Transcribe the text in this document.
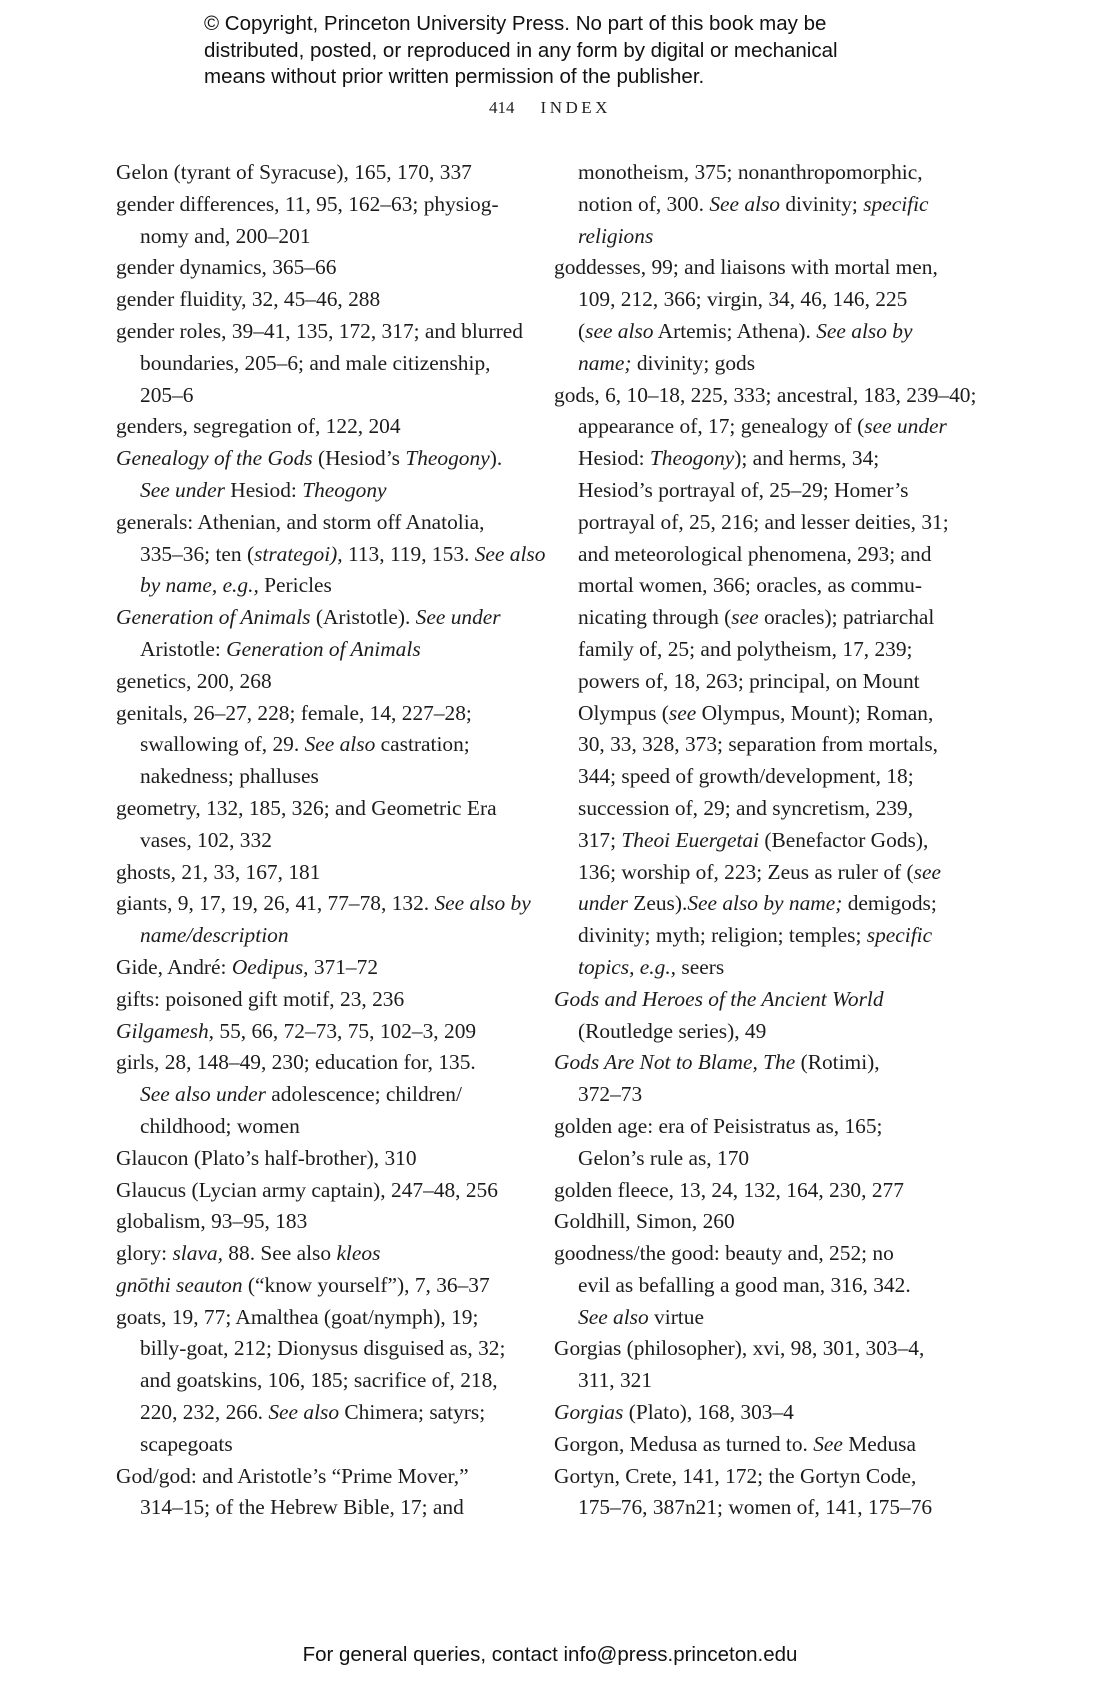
© Copyright, Princeton University Press. No part of this book may be
distributed, posted, or reproduced in any form by digital or mechanical
means without prior written permission of the publisher.
414 INDEX
Gelon (tyrant of Syracuse), 165, 170, 337
gender differences, 11, 95, 162–63; physiog-
nomy and, 200–201
gender dynamics, 365–66
gender fluidity, 32, 45–46, 288
gender roles, 39–41, 135, 172, 317; and blurred
boundaries, 205–6; and male citizenship,
205–6
genders, segregation of, 122, 204
Genealogy of the Gods (Hesiod’s Theogony).
See under Hesiod: Theogony
generals: Athenian, and storm off Anatolia,
335–36; ten (strategoi), 113, 119, 153. See also
by name, e.g., Pericles
Generation of Animals (Aristotle). See under
Aristotle: Generation of Animals
genetics, 200, 268
genitals, 26–27, 228; female, 14, 227–28;
swallowing of, 29. See also castration;
nakedness; phalluses
geometry, 132, 185, 326; and Geometric Era
vases, 102, 332
ghosts, 21, 33, 167, 181
giants, 9, 17, 19, 26, 41, 77–78, 132. See also by
name/description
Gide, André: Oedipus, 371–72
gifts: poisoned gift motif, 23, 236
Gilgamesh, 55, 66, 72–73, 75, 102–3, 209
girls, 28, 148–49, 230; education for, 135.
See also under adolescence; children/
childhood; women
Glaucon (Plato’s half-brother), 310
Glaucus (Lycian army captain), 247–48, 256
globalism, 93–95, 183
glory: slava, 88. See also kleos
gnōthi seauton (“know yourself”), 7, 36–37
goats, 19, 77; Amalthea (goat/nymph), 19;
billy-goat, 212; Dionysus disguised as, 32;
and goatskins, 106, 185; sacrifice of, 218,
220, 232, 266. See also Chimera; satyrs;
scapegoats
God/god: and Aristotle’s “Prime Mover,”
314–15; of the Hebrew Bible, 17; and
monotheism, 375; nonanthropomorphic,
notion of, 300. See also divinity; specific
religions
goddesses, 99; and liaisons with mortal men,
109, 212, 366; virgin, 34, 46, 146, 225
(see also Artemis; Athena). See also by
name; divinity; gods
gods, 6, 10–18, 225, 333; ancestral, 183, 239–40;
appearance of, 17; genealogy of (see under
Hesiod: Theogony); and herms, 34;
Hesiod’s portrayal of, 25–29; Homer’s
portrayal of, 25, 216; and lesser deities, 31;
and meteorological phenomena, 293; and
mortal women, 366; oracles, as commu-
nicating through (see oracles); patriarchal
family of, 25; and polytheism, 17, 239;
powers of, 18, 263; principal, on Mount
Olympus (see Olympus, Mount); Roman,
30, 33, 328, 373; separation from mortals,
344; speed of growth/development, 18;
succession of, 29; and syncretism, 239,
317; Theoi Euergetai (Benefactor Gods),
136; worship of, 223; Zeus as ruler of (see
under Zeus).See also by name; demigods;
divinity; myth; religion; temples; specific
topics, e.g., seers
Gods and Heroes of the Ancient World
(Routledge series), 49
Gods Are Not to Blame, The (Rotimi),
372–73
golden age: era of Peisistratus as, 165;
Gelon’s rule as, 170
golden fleece, 13, 24, 132, 164, 230, 277
Goldhill, Simon, 260
goodness/the good: beauty and, 252; no
evil as befalling a good man, 316, 342.
See also virtue
Gorgias (philosopher), xvi, 98, 301, 303–4,
311, 321
Gorgias (Plato), 168, 303–4
Gorgon, Medusa as turned to. See Medusa
Gortyn, Crete, 141, 172; the Gortyn Code,
175–76, 387n21; women of, 141, 175–76
For general queries, contact info@press.princeton.edu
